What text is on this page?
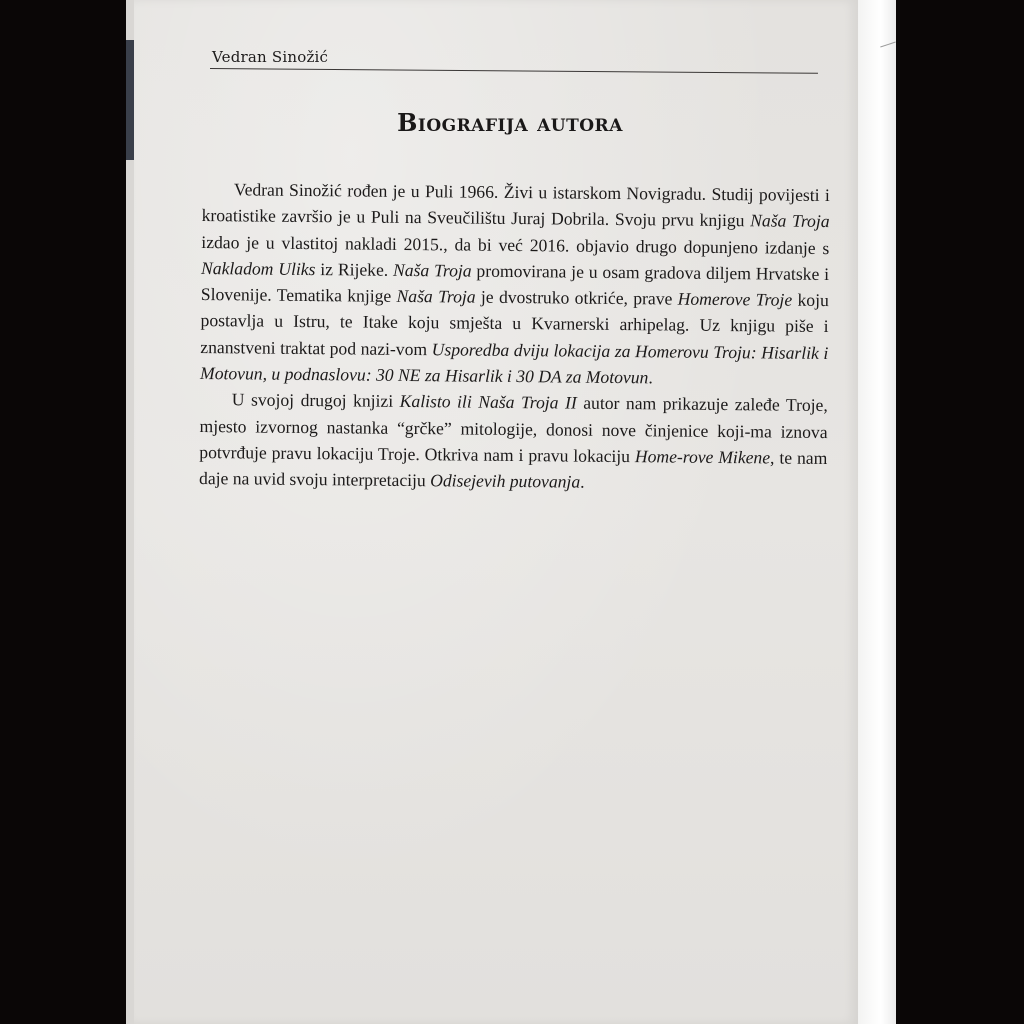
Vedran Sinožić
Biografija autora

Vedran Sinožić rođen je u Puli 1966. Živi u istarskom Novigradu. Studij povijesti i kroatistike završio je u Puli na Sveučilištu Juraj Dobrila. Svoju prvu knjigu Naša Troja izdao je u vlastitoj nakladi 2015., da bi već 2016. objavio drugo dopunjeno izdanje s Nakladom Uliks iz Rijeke. Naša Troja promovirana je u osam gradova diljem Hrvatske i Slovenije. Tematika knjige Naša Troja je dvostruko otkriće, prave Homerove Troje koju postavlja u Istru, te Itake koju smješta u Kvarnerski arhipelag. Uz knjigu piše i znanstveni traktat pod nazi-vom Usporedba dviju lokacija za Homerovu Troju: Hisarlik i Motovun, u podnaslovu: 30 NE za Hisarlik i 30 DA za Motovun.

U svojoj drugoj knjizi Kalisto ili Naša Troja II autor nam prikazuje zaleđe Troje, mjesto izvornog nastanka “grčke” mitologije, donosi nove činjenice koji-ma iznova potvrđuje pravu lokaciju Troje. Otkriva nam i pravu lokaciju Home-rove Mikene, te nam daje na uvid svoju interpretaciju Odisejevih putovanja.
